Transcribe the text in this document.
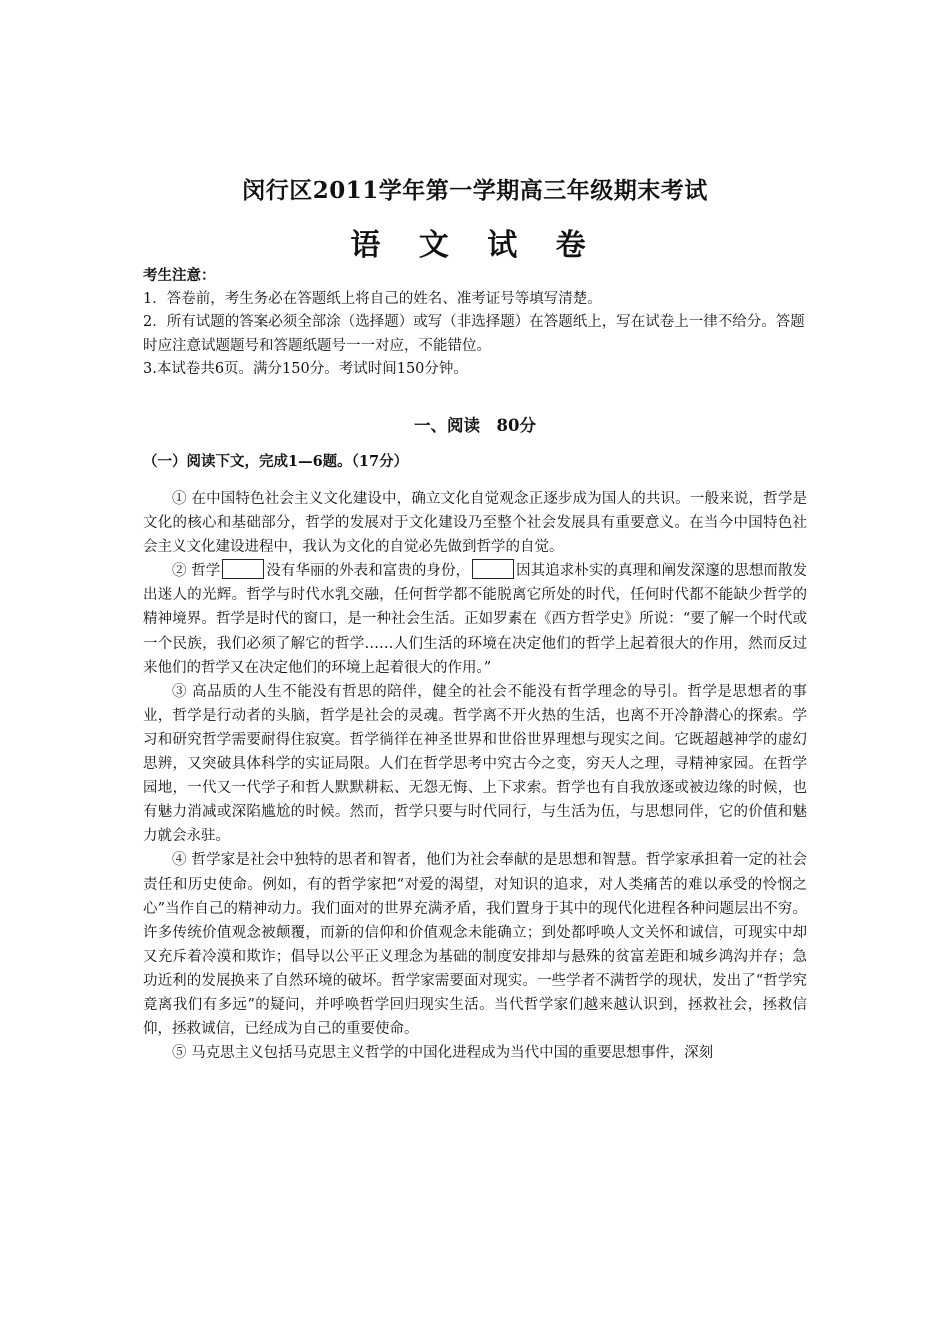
闵行区2011学年第一学期高三年级期末考试
语 文 试 卷

考生注意：

1．答卷前，考生务必在答题纸上将自己的姓名、准考证号等填写清楚。

2．所有试题的答案必须全部涂（选择题）或写（非选择题）在答题纸上，写在试卷上一律不给分。答题时应注意试题题号和答题纸题号一一对应，不能错位。

3.本试卷共6页。满分150分。考试时间150分钟。

一、阅读　80分
（一）阅读下文，完成1—6题。（17分）

① 在中国特色社会主义文化建设中，确立文化自觉观念正逐步成为国人的共识。一般来说，哲学是文化的核心和基础部分，哲学的发展对于文化建设乃至整个社会发展具有重要意义。在当今中国特色社会主义文化建设进程中，我认为文化的自觉必先做到哲学的自觉。

② 哲学	没有华丽的外表和富贵的身份，	因其追求朴实的真理和阐发深邃的思想而散发出迷人的光辉。哲学与时代水乳交融，任何哲学都不能脱离它所处的时代，任何时代都不能缺少哲学的精神境界。哲学是时代的窗口，是一种社会生活。正如罗素在《西方哲学史》所说：“要了解一个时代或一个民族，我们必须了解它的哲学……人们生活的环境在决定他们的哲学上起着很大的作用，然而反过来他们的哲学又在决定他们的环境上起着很大的作用。”

③ 高品质的人生不能没有哲思的陪伴，健全的社会不能没有哲学理念的导引。哲学是思想者的事业，哲学是行动者的头脑，哲学是社会的灵魂。哲学离不开火热的生活，也离不开冷静潜心的探索。学习和研究哲学需要耐得住寂寞。哲学徜徉在神圣世界和世俗世界理想与现实之间。它既超越神学的虚幻思辨，又突破具体科学的实证局限。人们在哲学思考中究古今之变，穷天人之理，寻精神家园。在哲学园地，一代又一代学子和哲人默默耕耘、无怨无悔、上下求索。哲学也有自我放逐或被边缘的时候，也有魅力消减或深陷尴尬的时候。然而，哲学只要与时代同行，与生活为伍，与思想同伴，它的价值和魅力就会永驻。

④ 哲学家是社会中独特的思者和智者，他们为社会奉献的是思想和智慧。哲学家承担着一定的社会责任和历史使命。例如，有的哲学家把“对爱的渴望，对知识的追求，对人类痛苦的难以承受的怜悯之心”当作自己的精神动力。我们面对的世界充满矛盾，我们置身于其中的现代化进程各种问题层出不穷。许多传统价值观念被颠覆，而新的信仰和价值观念未能确立；到处都呼唤人文关怀和诚信，可现实中却又充斥着冷漠和欺诈；倡导以公平正义理念为基础的制度安排却与悬殊的贫富差距和城乡鸿沟并存；急功近利的发展换来了自然环境的破坏。哲学家需要面对现实。一些学者不满哲学的现状，发出了“哲学究竟离我们有多远”的疑问，并呼唤哲学回归现实生活。当代哲学家们越来越认识到，拯救社会，拯救信仰，拯救诚信，已经成为自己的重要使命。

⑤ 马克思主义包括马克思主义哲学的中国化进程成为当代中国的重要思想事件，深刻
